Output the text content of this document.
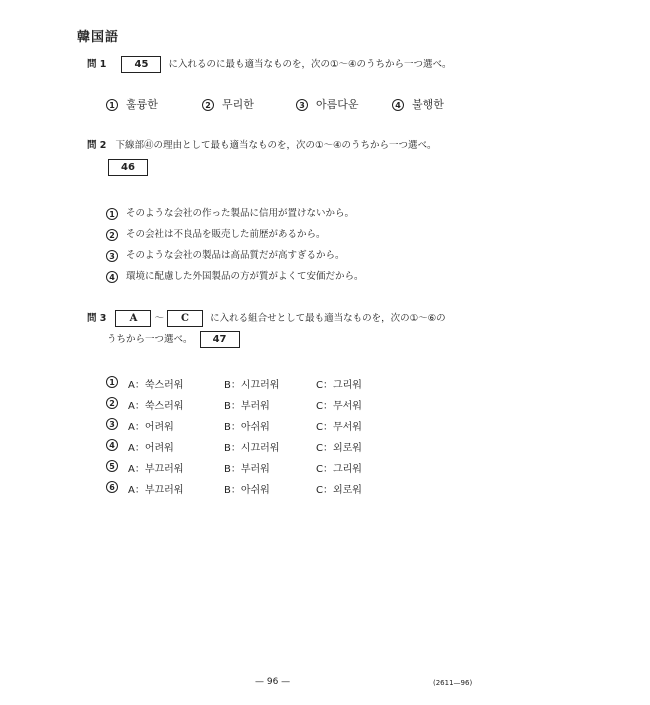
韓国語
問 1	45 に入れるのに最も適当なものを，次の①～④のうちから一つ選べ。
1 훌륭한	2 무리한	3 아름다운	4 불행한
問 2 下線部㊶の理由として最も適当なものを，次の①～④のうちから一つ選べ。
46
1 そのような会社の作った製品に信用が置けないから。
2 その会社は不良品を販売した前歴があるから。
3 そのような会社の製品は高品質だが高すぎるから。
4 環境に配慮した外国製品の方が質がよくて安価だから。
問 3 A ～ C に入れる組合せとして最も適当なものを，次の①～⑥の
うちから一つ選べ。 47
1	A：쑥스러워	B：시끄러워	C：그리워
2	A：쑥스러워	B：부러워	C：무서워
3	A：어려워	B：아쉬워	C：무서워
4	A：어려워	B：시끄러워	C：외로워
5	A：부끄러워	B：부러워	C：그리워
6	A：부끄러워	B：아쉬워	C：외로워
— 96 —	(2611—96)
